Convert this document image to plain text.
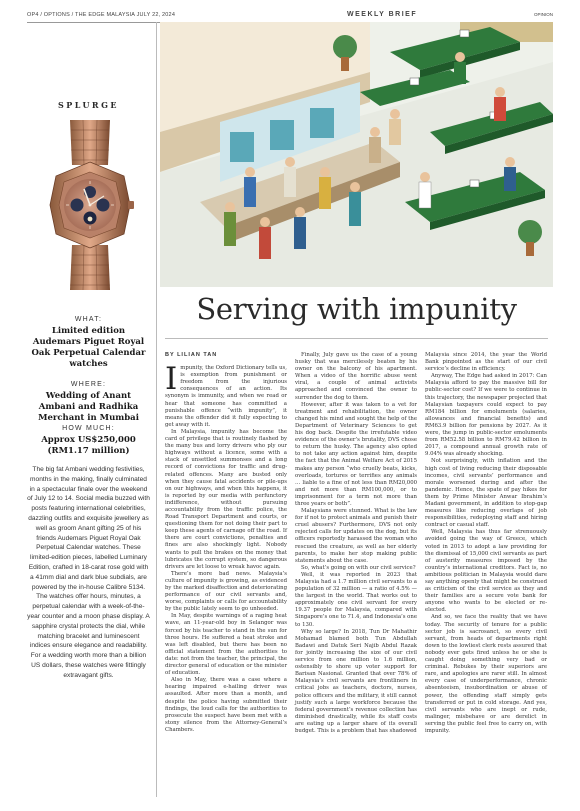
OP4 / OPTIONS / THE EDGE MALAYSIA JULY 22, 2024	WEEKLY BRIEF	OPINION
SPLURGE
WHAT:
Limited edition Audemars Piguet Royal Oak Perpetual Calendar watches
WHERE:
Wedding of Anant Ambani and Radhika Merchant in Mumbai
HOW MUCH:
Approx US$250,000 (RM1.17 million)
The big fat Ambani wedding festivities, months in the making, finally culminated in a spectacular finale over the weekend of July 12 to 14. Social media buzzed with posts featuring international celebrities, dazzling outfits and exquisite jewellery as well as groom Anant gifting 25 of his friends Audemars Piguet Royal Oak Perpetual Calendar watches. These limited-edition pieces, labelled Luminary Edition, crafted in 18-carat rose gold with a 41mm dial and dark blue subdials, are powered by the in-house Calibre 5134. The watches offer hours, minutes, a perpetual calendar with a week-of-the-year counter and a moon phase display. A sapphire crystal protects the dial, while matching bracelet and luminescent indices ensure elegance and readability. For a wedding worth more than a billion US dollars, these watches were fittingly extravagant gifts.
Serving with impunity

BY LILIAN TAN

I mpunity, the Oxford Dictionary tells us, is exemption from punishment or freedom from the injurious consequences of an action. Its synonym is immunity, and when we read or hear that someone has committed a punishable offence “with impunity”, it means the offender did it fully expecting to get away with it.

In Malaysia, impunity has become the card of privilege that is routinely flashed by the many bus and lorry drivers who ply our highways without a licence, some with a stack of unsettled summonses and a long record of convictions for traffic and drug-related offences. Many are busted only when they cause fatal accidents or pile-ups on our highways, and when this happens, it is reported by our media with perfunctory indifference, without pursuing accountability from the traffic police, the Road Transport Department and courts, or questioning them for not doing their part to keep these agents of carnage off the road. If there are court convictions, penalties and fines are also shockingly light. Nobody wants to pull the brakes on the money that lubricates the corrupt system, so dangerous drivers are let loose to wreak havoc again.

There’s more bad news. Malaysia’s culture of impunity is growing, as evidenced by the marked disaffection and deteriorating performance of our civil servants and, worse, complaints or calls for accountability by the public lately seem to go unheeded.

In May, despite warnings of a raging heat wave, an 11-year-old boy in Selangor was forced by his teacher to stand in the sun for three hours. He suffered a heat stroke and was left disabled, but there has been no official statement from the authorities to date: not from the teacher, the principal, the director general of education or the minister of education.

Also in May, there was a case where a hearing impaired e-hailing driver was assaulted. After more than a month, and despite the police having submitted their findings, the loud calls for the authorities to prosecute the suspect have been met with a stony silence from the Attorney-General’s Chambers.

Finally, July gave us the case of a young husky that was mercilessly beaten by his owner on the balcony of his apartment. When a video of the horrific abuse went viral, a couple of animal activists approached and convinced the owner to surrender the dog to them.

However, after it was taken to a vet for treatment and rehabilitation, the owner changed his mind and sought the help of the Department of Veterinary Sciences to get his dog back. Despite the irrefutable video evidence of the owner’s brutality, DVS chose to return the husky. The agency also opted to not take any action against him, despite the fact that the Animal Welfare Act of 2015 makes any person “who cruelly beats, kicks, overloads, tortures or terrifies any animals … liable to a fine of not less than RM20,000 and not more than RM100,000, or to imprisonment for a term not more than three years or both”.

Malaysians were stunned. What is the law for if not to protect animals and punish their cruel abusers? Furthermore, DVS not only rejected calls for updates on the dog, but its officers reportedly harassed the woman who rescued the creature, as well as her elderly parents, to make her stop making public statements about the case.

So, what’s going on with our civil service?

Well, it was reported in 2023 that Malaysia had a 1.7 million civil servants to a population of 32 million — a ratio of 4.5% — the largest in the world. That works out to approximately one civil servant for every 19.37 people for Malaysia, compared with Singapore’s one to 71.4, and Indonesia’s one to 130.

Why so large? In 2018, Tun Dr Mahathir Mohamad blamed both Tun Abdullah Badawi and Datuk Seri Najib Abdul Razak for jointly increasing the size of our civil service from one million to 1.6 million, ostensibly to shore up voter support for Barisan Nasional. Granted that over 78% of Malaysia’s civil servants are frontliners in critical jobs as teachers, doctors, nurses, police officers and the military, it still cannot justify such a large workforce because the federal government’s revenue collection has diminished drastically, while its staff costs are eating up a larger share of its overall budget. This is a problem that has shadowed

Malaysia since 2014, the year the World Bank pinpointed as the start of our civil service’s decline in efficiency.

Anyway, The Edge had asked in 2017: Can Malaysia afford to pay the massive bill for public-sector cost? If we were to continue in this trajectory, the newspaper projected that Malaysian taxpayers could expect to pay RM184 billion for emoluments (salaries, allowances and financial benefits) and RM63.9 billion for pensions by 2027. As it were, the jump in public-sector emoluments from RM52.58 billion to RM79.42 billion in 2017, a compound annual growth rate of 9.04% was already shocking.

Not surprisingly, with inflation and the high cost of living reducing their disposable incomes, civil servants’ performance and morale worsened during and after the pandemic. Hence, the spate of pay hikes for them by Prime Minister Anwar Ibrahim’s Madani government, in addition to stop-gap measures like reducing overlaps of job responsibilities, redeploying staff and hiring contract or casual staff.

Well, Malaysia has thus far strenuously avoided going the way of Greece, which voted in 2013 to adopt a law providing for the dismissal of 15,000 civil servants as part of austerity measures imposed by the country’s international creditors. Fact is, no ambitious politician in Malaysia would dare say anything openly that might be construed as criticism of the civil service as they and their families are a secure vote bank for anyone who wants to be elected or re-elected.

And so, we face the reality that we have today. The security of tenure for a public sector job is sacrosanct, so every civil servant, from heads of departments right down to the lowliest clerk rests assured that nobody ever gets fired unless he or she is caught doing something very bad or criminal. Rebukes by their superiors are rare, and apologies are rarer still. In almost every case of underperformance, chronic absenteeism, insubordination or abuse of power, the offending staff simply gets transferred or put in cold storage. And yes, civil servants who are inept or rude, malinger, misbehave or are derelict in serving the public feel free to carry on, with impunity.
